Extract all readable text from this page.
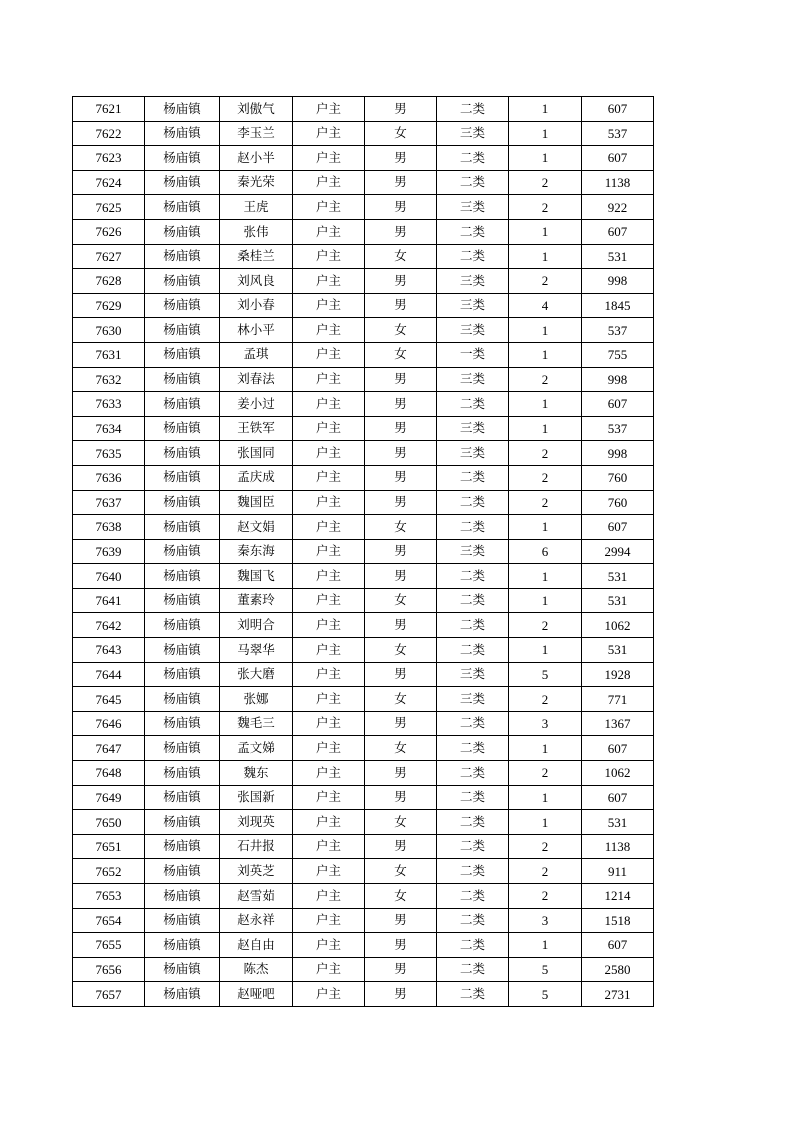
7621	杨庙镇	刘傲气	户主	男	二类	1	607
7622	杨庙镇	李玉兰	户主	女	三类	1	537
7623	杨庙镇	赵小半	户主	男	二类	1	607
7624	杨庙镇	秦光荣	户主	男	二类	2	1138
7625	杨庙镇	王虎	户主	男	三类	2	922
7626	杨庙镇	张伟	户主	男	二类	1	607
7627	杨庙镇	桑桂兰	户主	女	二类	1	531
7628	杨庙镇	刘风良	户主	男	三类	2	998
7629	杨庙镇	刘小春	户主	男	三类	4	1845
7630	杨庙镇	林小平	户主	女	三类	1	537
7631	杨庙镇	孟琪	户主	女	一类	1	755
7632	杨庙镇	刘春法	户主	男	三类	2	998
7633	杨庙镇	姜小过	户主	男	二类	1	607
7634	杨庙镇	王铁军	户主	男	三类	1	537
7635	杨庙镇	张国同	户主	男	三类	2	998
7636	杨庙镇	孟庆成	户主	男	二类	2	760
7637	杨庙镇	魏国臣	户主	男	二类	2	760
7638	杨庙镇	赵文娟	户主	女	二类	1	607
7639	杨庙镇	秦东海	户主	男	三类	6	2994
7640	杨庙镇	魏国飞	户主	男	二类	1	531
7641	杨庙镇	董素玲	户主	女	二类	1	531
7642	杨庙镇	刘明合	户主	男	二类	2	1062
7643	杨庙镇	马翠华	户主	女	二类	1	531
7644	杨庙镇	张大磨	户主	男	三类	5	1928
7645	杨庙镇	张娜	户主	女	三类	2	771
7646	杨庙镇	魏毛三	户主	男	二类	3	1367
7647	杨庙镇	孟文娣	户主	女	二类	1	607
7648	杨庙镇	魏东	户主	男	二类	2	1062
7649	杨庙镇	张国新	户主	男	二类	1	607
7650	杨庙镇	刘现英	户主	女	二类	1	531
7651	杨庙镇	石井报	户主	男	二类	2	1138
7652	杨庙镇	刘英芝	户主	女	二类	2	911
7653	杨庙镇	赵雪茹	户主	女	二类	2	1214
7654	杨庙镇	赵永祥	户主	男	二类	3	1518
7655	杨庙镇	赵自由	户主	男	二类	1	607
7656	杨庙镇	陈杰	户主	男	二类	5	2580
7657	杨庙镇	赵哑吧	户主	男	二类	5	2731
